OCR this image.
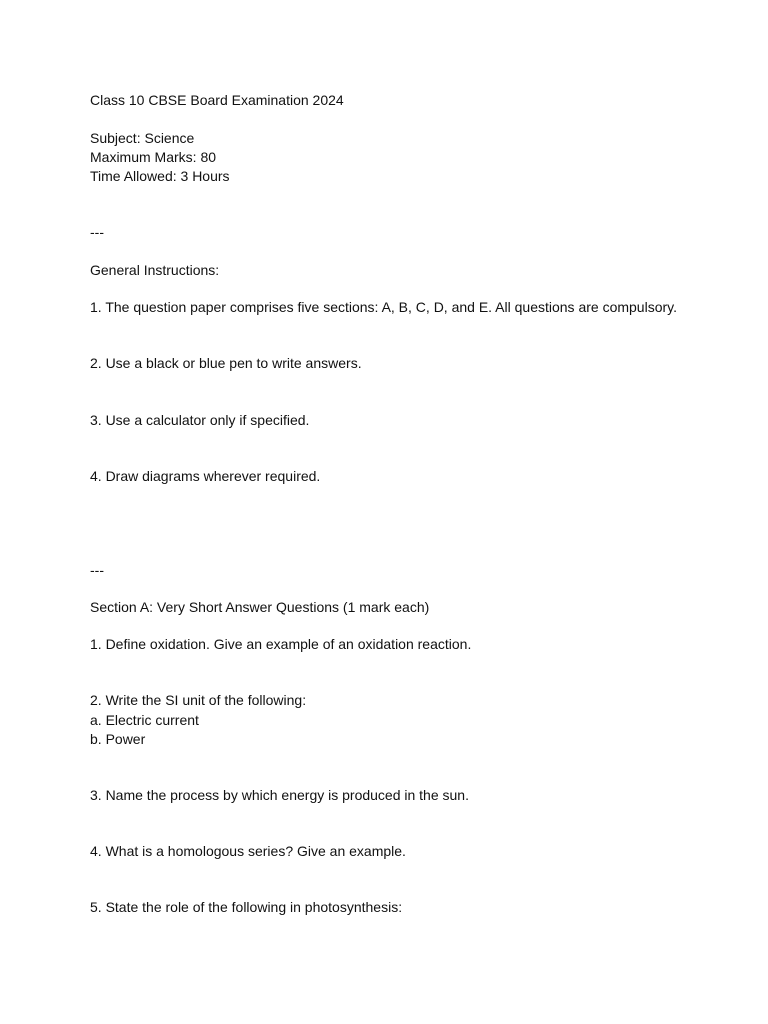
Class 10 CBSE Board Examination 2024

Subject: Science

Maximum Marks: 80

Time Allowed: 3 Hours

---

General Instructions:

1. The question paper comprises five sections: A, B, C, D, and E. All questions are compulsory.

2. Use a black or blue pen to write answers.

3. Use a calculator only if specified.

4. Draw diagrams wherever required.

---

Section A: Very Short Answer Questions (1 mark each)

1. Define oxidation. Give an example of an oxidation reaction.

2. Write the SI unit of the following:

a. Electric current

b. Power

3. Name the process by which energy is produced in the sun.

4. What is a homologous series? Give an example.

5. State the role of the following in photosynthesis:
